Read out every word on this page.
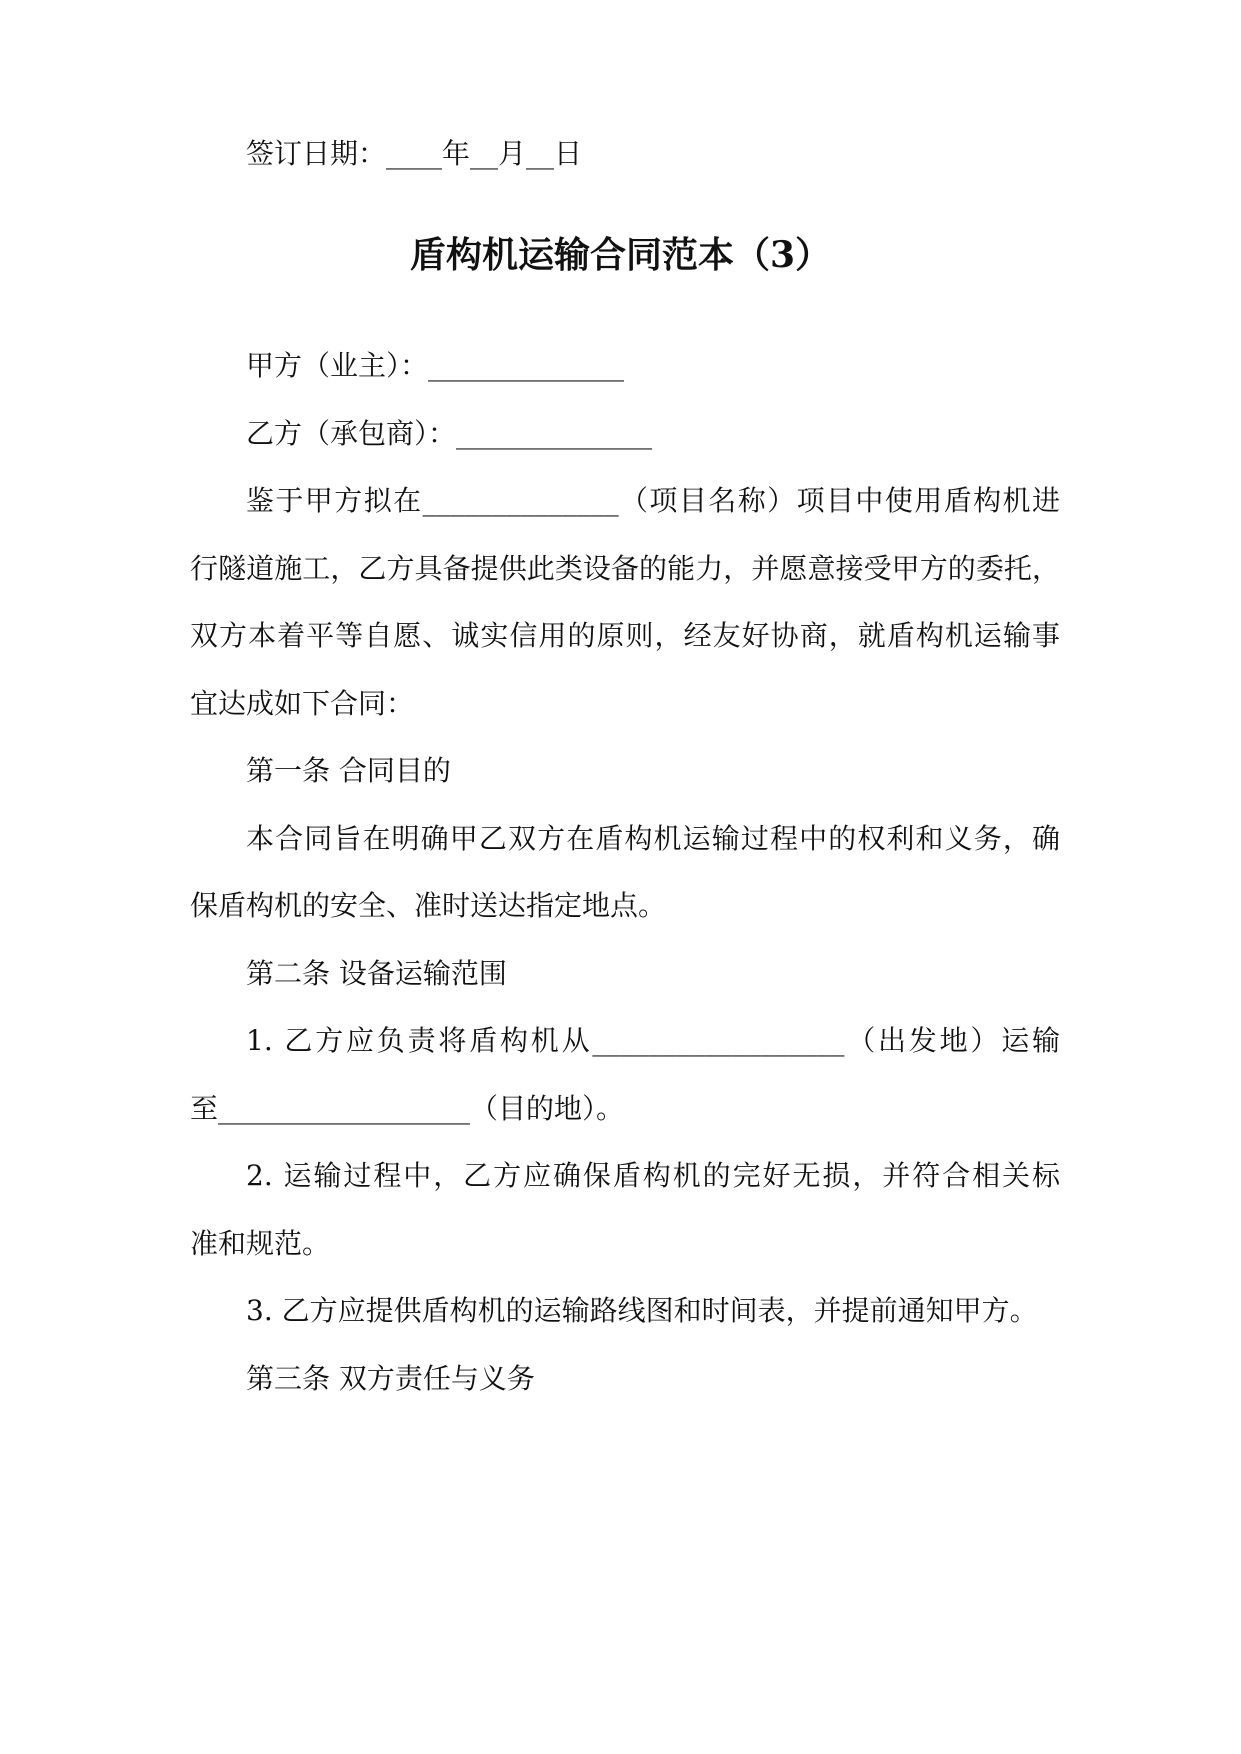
签订日期：____年__月__日
盾构机运输合同范本（3）
甲方（业主）：______________
乙方（承包商）：______________
鉴于甲方拟在______________（项目名称）项目中使用盾构机进
行隧道施工，乙方具备提供此类设备的能力，并愿意接受甲方的委托，
双方本着平等自愿、诚实信用的原则，经友好协商，就盾构机运输事
宜达成如下合同：
第一条 合同目的
本合同旨在明确甲乙双方在盾构机运输过程中的权利和义务，确
保盾构机的安全、准时送达指定地点。
第二条 设备运输范围
1. 乙方应负责将盾构机从__________________（出发地）运输
至__________________（目的地）。
2. 运输过程中，乙方应确保盾构机的完好无损，并符合相关标
准和规范。
3. 乙方应提供盾构机的运输路线图和时间表，并提前通知甲方。
第三条 双方责任与义务
